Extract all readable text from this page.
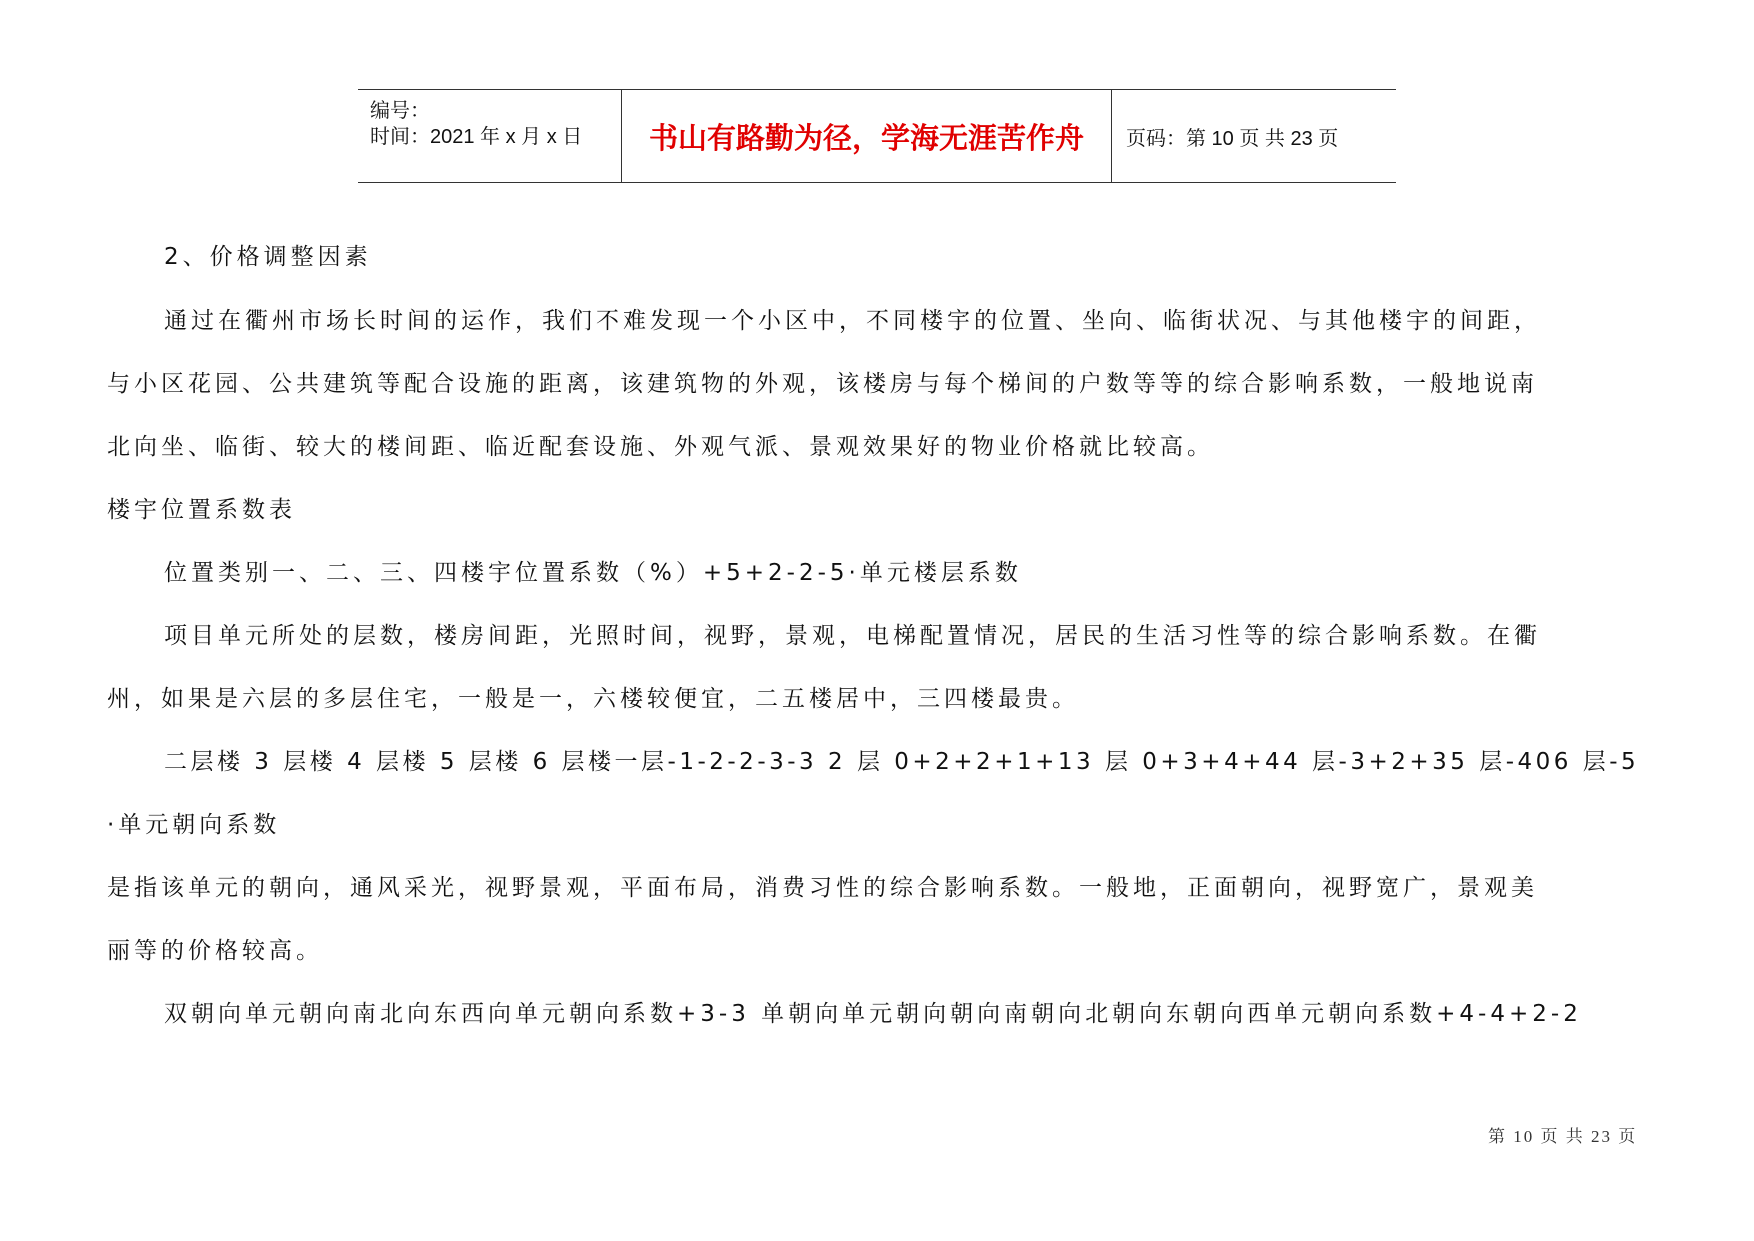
编号：
时间：2021 年 x 月 x 日 书山有路勤为径，学海无涯苦作舟 页码：第 10 页 共 23 页
2、价格调整因素
通过在衢州市场长时间的运作，我们不难发现一个小区中，不同楼宇的位置、坐向、临街状况、与其他楼宇的间距，
与小区花园、公共建筑等配合设施的距离，该建筑物的外观，该楼房与每个梯间的户数等等的综合影响系数，一般地说南
北向坐、临街、较大的楼间距、临近配套设施、外观气派、景观效果好的物业价格就比较高。
楼宇位置系数表
位置类别一、二、三、四楼宇位置系数（%）+5+2-2-5·单元楼层系数
项目单元所处的层数，楼房间距，光照时间，视野，景观，电梯配置情况，居民的生活习性等的综合影响系数。在衢
州，如果是六层的多层住宅，一般是一，六楼较便宜，二五楼居中，三四楼最贵。
二层楼 3 层楼 4 层楼 5 层楼 6 层楼一层-1-2-2-3-3 2 层 0+2+2+1+13 层 0+3+4+44 层-3+2+35 层-406 层-5
·单元朝向系数
是指该单元的朝向，通风采光，视野景观，平面布局，消费习性的综合影响系数。一般地，正面朝向，视野宽广，景观美
丽等的价格较高。
双朝向单元朝向南北向东西向单元朝向系数+3-3 单朝向单元朝向朝向南朝向北朝向东朝向西单元朝向系数+4-4+2-2
第 10 页 共 23 页
